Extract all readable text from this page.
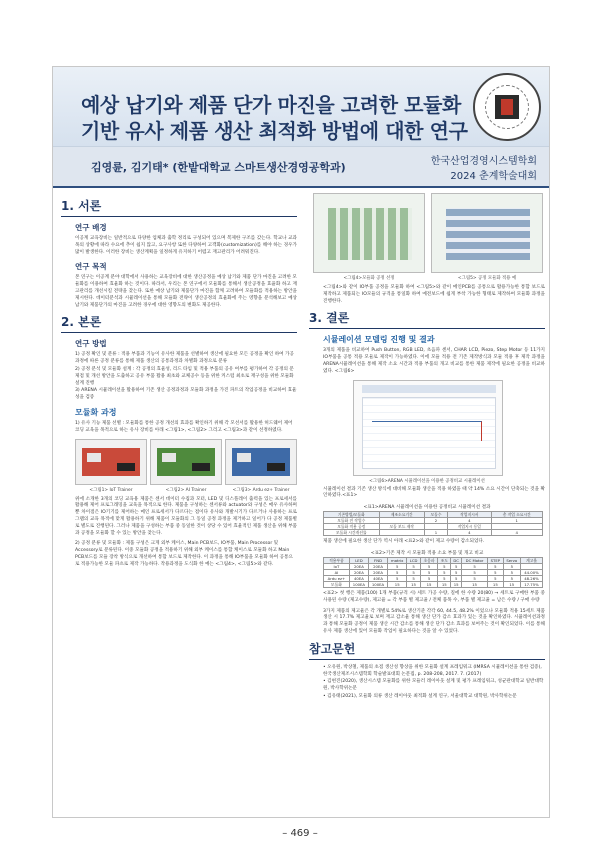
예상 납기와 제품 단가 마진을 고려한 모듈화
기반 유사 제품 생산 최적화 방법에 대한 연구
김영륜, 김기태* (한밭대학교 스마트생산경영공학과)	한국산업경영시스템학회
2024 춘계학술대회
1. 서론
연구 배경

이공계 교육장비는 일반적으로 다양한 업체과 출학 정리로 구성되어 있으며 복제한 구조를 갖는다. 학교나 교과목의 상황에 따라 수요에 추이 쉽지 않고, 요구사항 또한 다양하여 고객화(customization)를 해야 하는 경우가 많이 발생한다. 이러한 장비는 생산계획을 일정하게 유지하기 어렵고 재고관리가 어려워진다.

연구 목적

본 연구는 이공계 분야 대학에서 사용하는 교육장비에 대한 생산공정을 예상 납기와 제품 단가 마진을 고려한 모듈화를 이용하여 효율화 하는 것이다. 따라서, 우리는 본 연구에서 모듈화를 통해서 생산공정을 효율화 하고 재고관리를 개선시킬 전략을 찾는다. 또한 예상 납기와 제품단가 마진을 함께 고려하여 모듈화를 적용하는 방안을 제시한다. 데이터분석과 시뮬레이션을 통해 모듈화 전략이 생산공정의 효율화에 주는 영향을 분석해보고 예상 납기와 제품단가의 마진을 고려한 경우에 대한 영향도의 변화도 제공한다.

2. 본론
연구 방법
1) 공정 확인 및 분류 : 적용 부품과 기능이 유사한 제품을 선별하여 생산에 필요한 모든 공정을 확인 하여 가공 과정에 따른 공정 분류를 통해 제품 생산의 공통과정과 차별화 과정으로 분류
2) 공정 분석 및 모듈화 설계 : 각 공정의 효율성, 리드 타임 및 적용 부품의 공유 여부를 평가하여 각 공정의 문제점 및 개선 방안을 도출하고 공유 부품 활용 최초와 교체공수 등을 위한 커스텀 최초로 재구성을 위한 모듈화 설계 진행
3) ARENA 시뮬레이션을 활용하여 기존 생산 공정과정과 모듈화 과정을 가진 파트의 작업공정을 비교하여 효율성을 검증
모듈화 과정
1) 유사 기능 제품 선별 : 모듈화를 통한 공정 개선의 효과를 확인하기 위해 각 모선서를 활용한 허드웨어 제어 코딩 교육을 목적으로 하는 유사 장비를 아래 <그림1>, <그림2> 그리고 <그림3>과 같이 선정하였다.
<그림1> IoT Trainer	<그림2> AI Trainer	<그림3> Ardu ez+ Trainer

위에 소개한 3개의 코딩 교육용 제품은 센서 데이터 수집과 모터, LED 및 디스플레이 출력을 있는 프로세서를 활용해 제어 프로그래밍을 교육을 목적으로 한다. 제품을 구성하는 센서류와 actuator와 구성은 매우 유사하며 뿐 차이점은 IO기기를 제어하는 메인 프로세서가 다르다는 점이다 유사와 개발시기가 다르거나 사용하는 프로그램의 교육 목적에 맞게 활용하기 위해 제품이 모듈화의 그 동일 공정 과정을 제거하고 일어가 다 공정 제품별로 별도로 진행된다. 그러나 제품을 구성하는 부품 중 동일한 것이 상당 수 있어 효율적인 제품 생산을 위해 부품과 공정을 모듈화 할 수 있는 방안을 찾는다.

2) 공정 분류 및 모듈화 : 제품 구성은 크게 외부 케이스, Main PCB보드, IO부품, Main Processor 및 Accessory로 분류된다. 이중 모듈화 공정을 적용하기 위해 외부 케이스를 통합 케이스로 모듈화 하고 Main PCB보드를 모듈 장착 방식으로 개선하여 통합 보드로 제작한다. 이 과정을 통해 IO부품을 모듈화 하여 공통으로 적용가능한 모듈 파츠로 제작 가능하다. 작용과정을 도식화 한 예는 <그림4>, <그림5>와 같다.
<그림4>모듈화 공정 선정	<그림5> 공정 모듈화 적용 예

<그림4>와 같이 IO부품 공정을 모듈화 하여 <그림5>와 같이 메인PCB를 공통으로 활용가능한 통합 보드로 제작하고 제품되는 IO모듈의 규격을 통일화 하여 예전보드에 쉽게 부착 가능한 형태로 제작하여 모듈화 과정을 진행한다.

3. 결론
시뮬레이션 모델링 진행 및 결과

3개의 제품을 비교하여 Push Button, RGB LED, 초음파 센서, CHAR LCD, Piezo, Step Motor 등 11가지 IO부품을 공통 적용 모듈로 제작이 가능하였다. 이에 모듈 적용 전 기존 제작방식과 모듈 적용 후 제작 과정을 ARENA시뮬레이션을 통해 제작 소요 시간과 적용 부품의 개고 비교를 통한 제품 제작에 필요한 공정을 비교하였다. <그림6>

<그림6>ARENA 시뮬레이션을 이용한 공정비교 시뮬레이션

시뮬레이션 결과 기존 생산 방식에 대비해 모듈화 생산을 적용 하였을 때 약 14% 소요 시간이 단축되는 것을 확인하였다.<표1>

<표1>ARENA 시뮬레이션을 이용한 공정비교 시뮬레이션 결과
기존방법/모듈화	제조소요기간	모듈수	작업지시서	총 작업 소요시간
모듈화 전 작업수		2	4	1
모듈화 적용 공정	모듈 보드 제작		작업지시 동일	
모듈화 시간개선률		1	4	4

제품 생산에 필요한 생산 단가 역시 아래 <표2>와 같이 제고 수량이 감소되었다.

<표2>기존 제작 시 모듈화 적용 소요 부품 및 개고 비교
적용부품	LED	FND	matrix	LCD	초음파	조도	DC	DC Motor	STEP	Servo	계고율
IoT	20EA	20EA	5	5	5	5	5	5	5	5	
AI	20EA	20EA	5	5	5	5	5	5	5	5	44.00%
Ardu ez+	40EA	40EA	5	5	5	5	5	5	5	5	48.26%
모듈화	100EA	100EA	15	15	15	15	15	15	15	15	17.75%

<표2> 첫 행은 제품(100) 1개 부품(규격 시) 세트 가공 수량, 질에 한 수량 20(80) → 세트로 구매한 부품 중 사용된 수량 (제고수량), 제고율 = 각 부품 별 제고율 / 전체 품목 수, 부품 별 제고율 = 남은 수량 / 구매 수량

3가지 제품의 제고율은 각 개별로 54%로 생산기준 각각 60, 44.5, 48.2% 이었으나 모듈화 적용 15세트 제품 생산 시 17.7% 제고율로 보며 재고 감소율 통해 생산 단가 감소 효과가 있는 것을 확인하였다. 시뮬레이션과정과 통해 모듈화 공정이 제품 생산 시간 감소를 통해 생산 단가 감소 효과를 보여주는 것이 확인되었다. 이를 통해 유사 제품 생산에 있어 모듈화 작업이 필요하다는 것을 알 수 있었다.

참고문헌

• 오유원, 박상철, 제품의 초점 생산성 향상을 위한 모듈화 설계 프레임워크 (IMRSA 시뮬레이션을 통한 검증), 한국생산제조시스템학회 학술발표대회 논문집, p. 208-208, 2017. 7. (2017)

• 김현진(2020), 생산시스템 모듈화를 위한 모듈러 레이아웃 설계 및 평가 프레임워크, 성균관대학교 일반대학원, 박사학위논문

• 김유태(2021), 모듈화 의류 생산 레이아웃 최적화 설계 연구, 서울대학교 대학원, 박사학위논문

– 469 –
